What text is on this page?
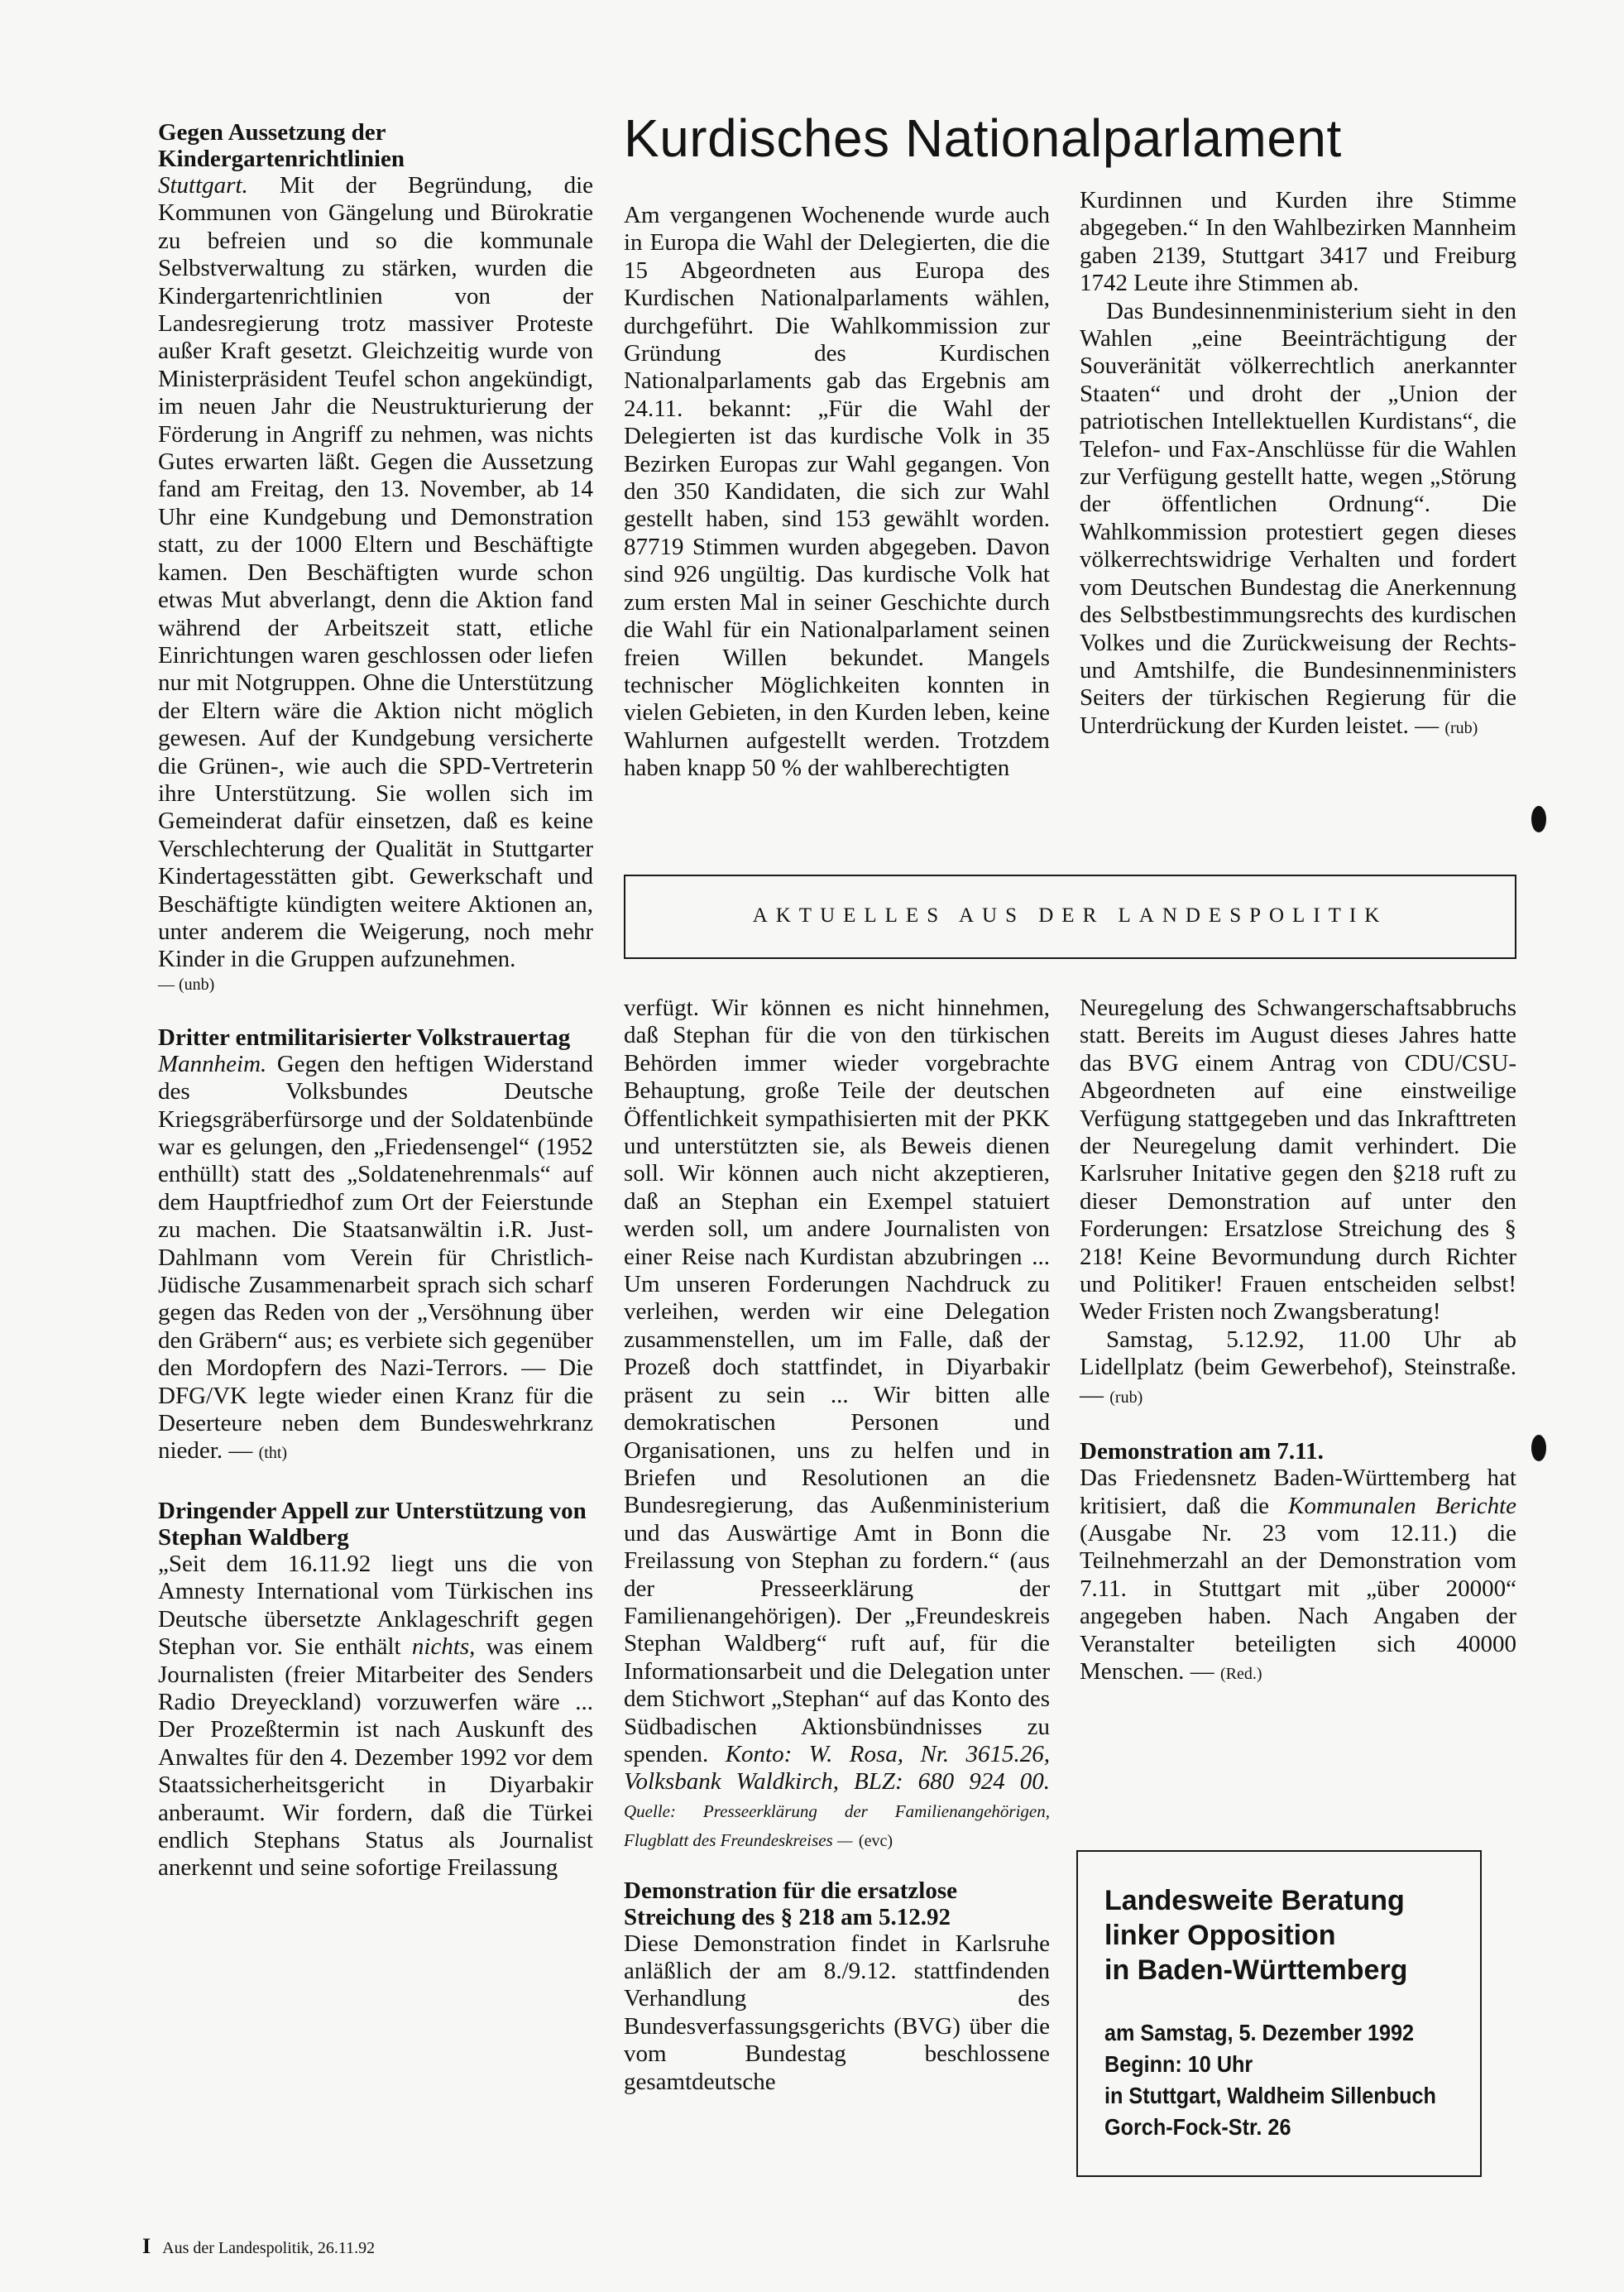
Gegen Aussetzung der Kindergartenrichtlinien

Stuttgart. Mit der Begründung, die Kommunen von Gängelung und Bürokratie zu befreien und so die kommunale Selbstverwaltung zu stärken, wurden die Kindergartenrichtlinien von der Landesregierung trotz massiver Proteste außer Kraft gesetzt. Gleichzeitig wurde von Ministerpräsident Teufel schon angekündigt, im neuen Jahr die Neustrukturierung der Förderung in Angriff zu nehmen, was nichts Gutes erwarten läßt. Gegen die Aussetzung fand am Freitag, den 13. November, ab 14 Uhr eine Kundgebung und Demonstration statt, zu der 1000 Eltern und Beschäftigte kamen. Den Beschäftigten wurde schon etwas Mut abverlangt, denn die Aktion fand während der Arbeitszeit statt, etliche Einrichtungen waren geschlossen oder liefen nur mit Notgruppen. Ohne die Unterstützung der Eltern wäre die Aktion nicht möglich gewesen. Auf der Kundgebung versicherte die Grünen-, wie auch die SPD-Vertreterin ihre Unterstützung. Sie wollen sich im Gemeinderat dafür einsetzen, daß es keine Verschlechterung der Qualität in Stuttgarter Kindertagesstätten gibt. Gewerkschaft und Beschäftigte kündigten weitere Aktionen an, unter anderem die Weigerung, noch mehr Kinder in die Gruppen aufzunehmen.

— (unb)
Dritter entmilitarisierter Volkstrauertag

Mannheim. Gegen den heftigen Widerstand des Volksbundes Deutsche Kriegsgräberfürsorge und der Soldatenbünde war es gelungen, den „Friedensengel“ (1952 enthüllt) statt des „Soldatenehrenmals“ auf dem Hauptfriedhof zum Ort der Feierstunde zu machen. Die Staatsanwältin i.R. Just-Dahlmann vom Verein für Christlich-Jüdische Zusammenarbeit sprach sich scharf gegen das Reden von der „Versöhnung über den Gräbern“ aus; es verbiete sich gegenüber den Mordopfern des Nazi-Terrors. — Die DFG/VK legte wieder einen Kranz für die Deserteure neben dem Bundeswehrkranz nieder. — (tht)

Dringender Appell zur Unterstützung von Stephan Waldberg

„Seit dem 16.11.92 liegt uns die von Amnesty International vom Türkischen ins Deutsche übersetzte Anklageschrift gegen Stephan vor. Sie enthält nichts, was einem Journalisten (freier Mitarbeiter des Senders Radio Dreyeckland) vorzuwerfen wäre ... Der Prozeßtermin ist nach Auskunft des Anwaltes für den 4. Dezember 1992 vor dem Staatssicherheitsgericht in Diyarbakir anberaumt. Wir fordern, daß die Türkei endlich Stephans Status als Journalist anerkennt und seine sofortige Freilassung

Kurdisches Nationalparlament

Am vergangenen Wochenende wurde auch in Europa die Wahl der Delegierten, die die 15 Abgeordneten aus Europa des Kurdischen Nationalparlaments wählen, durchgeführt. Die Wahlkommission zur Gründung des Kurdischen Nationalparlaments gab das Ergebnis am 24.11. bekannt: „Für die Wahl der Delegierten ist das kurdische Volk in 35 Bezirken Europas zur Wahl gegangen. Von den 350 Kandidaten, die sich zur Wahl gestellt haben, sind 153 gewählt worden. 87719 Stimmen wurden abgegeben. Davon sind 926 ungültig. Das kurdische Volk hat zum ersten Mal in seiner Geschichte durch die Wahl für ein Nationalparlament seinen freien Willen bekundet. Mangels technischer Möglichkeiten konnten in vielen Gebieten, in den Kurden leben, keine Wahlurnen aufgestellt werden. Trotzdem haben knapp 50 % der wahlberechtigten

Kurdinnen und Kurden ihre Stimme abgegeben.“ In den Wahlbezirken Mannheim gaben 2139, Stuttgart 3417 und Freiburg 1742 Leute ihre Stimmen ab.

Das Bundesinnenministerium sieht in den Wahlen „eine Beeinträchtigung der Souveränität völkerrechtlich anerkannter Staaten“ und droht der „Union der patriotischen Intellektuellen Kurdistans“, die Telefon- und Fax-Anschlüsse für die Wahlen zur Verfügung gestellt hatte, wegen „Störung der öffentlichen Ordnung“. Die Wahlkommission protestiert gegen dieses völkerrechtswidrige Verhalten und fordert vom Deutschen Bundestag die Anerkennung des Selbstbestimmungsrechts des kurdischen Volkes und die Zurückweisung der Rechts- und Amtshilfe, die Bundesinnenministers Seiters der türkischen Regierung für die Unterdrückung der Kurden leistet. — (rub)

AKTUELLES AUS DER LANDESPOLITIK

verfügt. Wir können es nicht hinnehmen, daß Stephan für die von den türkischen Behörden immer wieder vorgebrachte Behauptung, große Teile der deutschen Öffentlichkeit sympathisierten mit der PKK und unterstützten sie, als Beweis dienen soll. Wir können auch nicht akzeptieren, daß an Stephan ein Exempel statuiert werden soll, um andere Journalisten von einer Reise nach Kurdistan abzubringen ... Um unseren Forderungen Nachdruck zu verleihen, werden wir eine Delegation zusammenstellen, um im Falle, daß der Prozeß doch stattfindet, in Diyarbakir präsent zu sein ... Wir bitten alle demokratischen Personen und Organisationen, uns zu helfen und in Briefen und Resolutionen an die Bundesregierung, das Außenministerium und das Auswärtige Amt in Bonn die Freilassung von Stephan zu fordern.“ (aus der Presseerklärung der Familienangehörigen). Der „Freundeskreis Stephan Waldberg“ ruft auf, für die Informationsarbeit und die Delegation unter dem Stichwort „Stephan“ auf das Konto des Südbadischen Aktionsbündnisses zu spenden. Konto: W. Rosa, Nr. 3615.26, Volksbank Waldkirch, BLZ: 680 924 00. Quelle: Presseerklärung der Familienangehörigen, Flugblatt des Freundeskreises — (evc)

Demonstration für die ersatzlose Streichung des § 218 am 5.12.92

Diese Demonstration findet in Karlsruhe anläßlich der am 8./9.12. stattfindenden Verhandlung des Bundesverfassungsgerichts (BVG) über die vom Bundestag beschlossene gesamtdeutsche

Neuregelung des Schwangerschaftsabbruchs statt. Bereits im August dieses Jahres hatte das BVG einem Antrag von CDU/CSU-Abgeordneten auf eine einstweilige Verfügung stattgegeben und das Inkrafttreten der Neuregelung damit verhindert. Die Karlsruher Initative gegen den §218 ruft zu dieser Demonstration auf unter den Forderungen: Ersatzlose Streichung des § 218! Keine Bevormundung durch Richter und Politiker! Frauen entscheiden selbst! Weder Fristen noch Zwangsberatung!

Samstag, 5.12.92, 11.00 Uhr ab Lidellplatz (beim Gewerbehof), Steinstraße. — (rub)

Demonstration am 7.11.

Das Friedensnetz Baden-Württemberg hat kritisiert, daß die Kommunalen Berichte (Ausgabe Nr. 23 vom 12.11.) die Teilnehmerzahl an der Demonstration vom 7.11. in Stuttgart mit „über 20000“ angegeben haben. Nach Angaben der Veranstalter beteiligten sich 40000 Menschen. — (Red.)

Landesweite Beratung
linker Opposition
in Baden-Württemberg
am Samstag, 5. Dezember 1992
Beginn: 10 Uhr
in Stuttgart, Waldheim Sillenbuch
Gorch-Fock-Str. 26
I Aus der Landespolitik, 26.11.92
